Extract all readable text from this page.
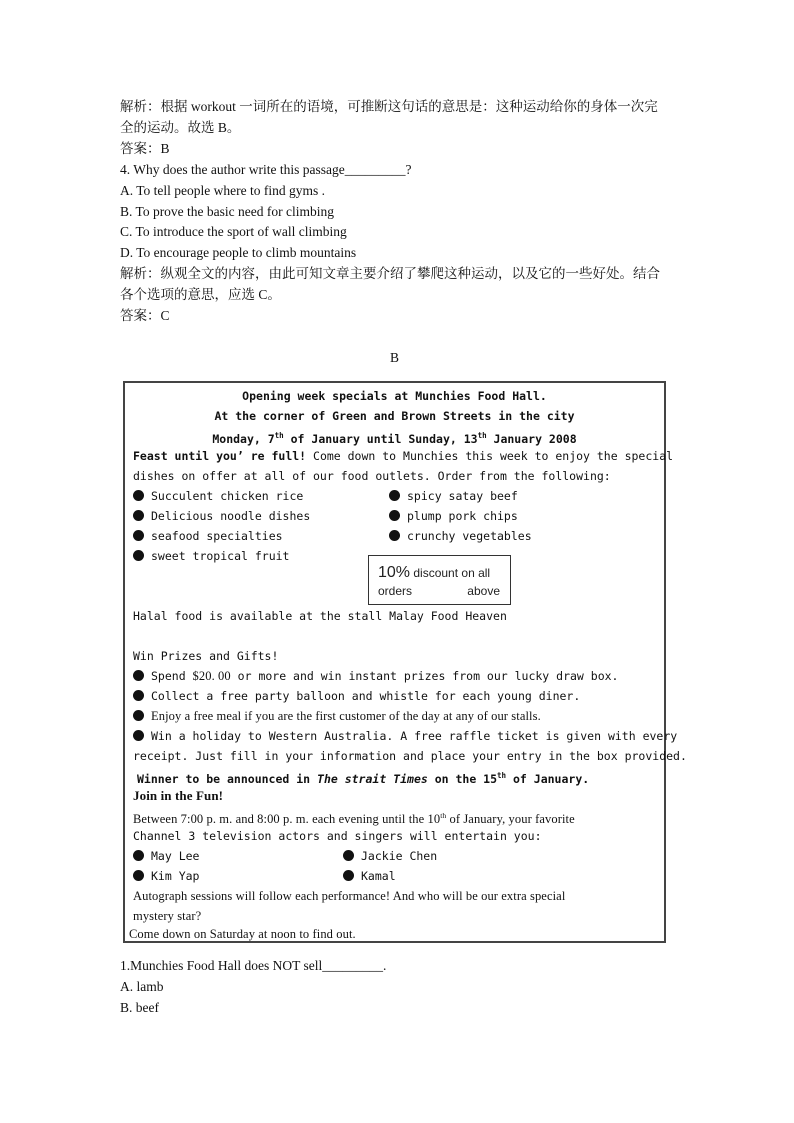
解析：根据 workout 一词所在的语境，可推断这句话的意思是：这种运动给你的身体一次完
全的运动。故选 B。
答案：B
4. Why does the author write this passage_________?
A. To tell people where to find gyms .
B. To prove the basic need for climbing
C. To introduce the sport of wall climbing
D. To encourage people to climb mountains
解析：纵观全文的内容，由此可知文章主要介绍了攀爬这种运动，以及它的一些好处。结合
各个选项的意思，应选 C。
答案：C
B
Opening week specials at Munchies Food Hall.
At the corner of Green and Brown Streets in the city
Monday, 7th of January until Sunday, 13th January 2008
Feast until you’ re full! Come down to Munchies this week to enjoy the special
dishes on offer at all of our food outlets. Order from the following:
Succulent chicken rice
Delicious noodle dishes
seafood specialties
sweet tropical fruit
spicy satay beef
plump pork chips
crunchy vegetables
10% discount on all
orders	above
Halal food is available at the stall Malay Food Heaven
Win Prizes and Gifts!
Spend $20. 00 or more and win instant prizes from our lucky draw box.
Collect a free party balloon and whistle for each young diner.
Enjoy a free meal if you are the first customer of the day at any of our stalls.
Win a holiday to Western Australia. A free raffle ticket is given with every
receipt. Just fill in your information and place your entry in the box provided.
Winner to be announced in The strait Times on the 15th of January.
Join in the Fun!
Between 7:00 p. m. and 8:00 p. m. each evening until the 10th of January, your favorite
Channel 3 television actors and singers will entertain you:
May Lee
Kim Yap
Jackie Chen
Kamal
Autograph sessions will follow each performance! And who will be our extra special
mystery star?
Come down on Saturday at noon to find out.
1.Munchies Food Hall does NOT sell_________.
A. lamb
B. beef
